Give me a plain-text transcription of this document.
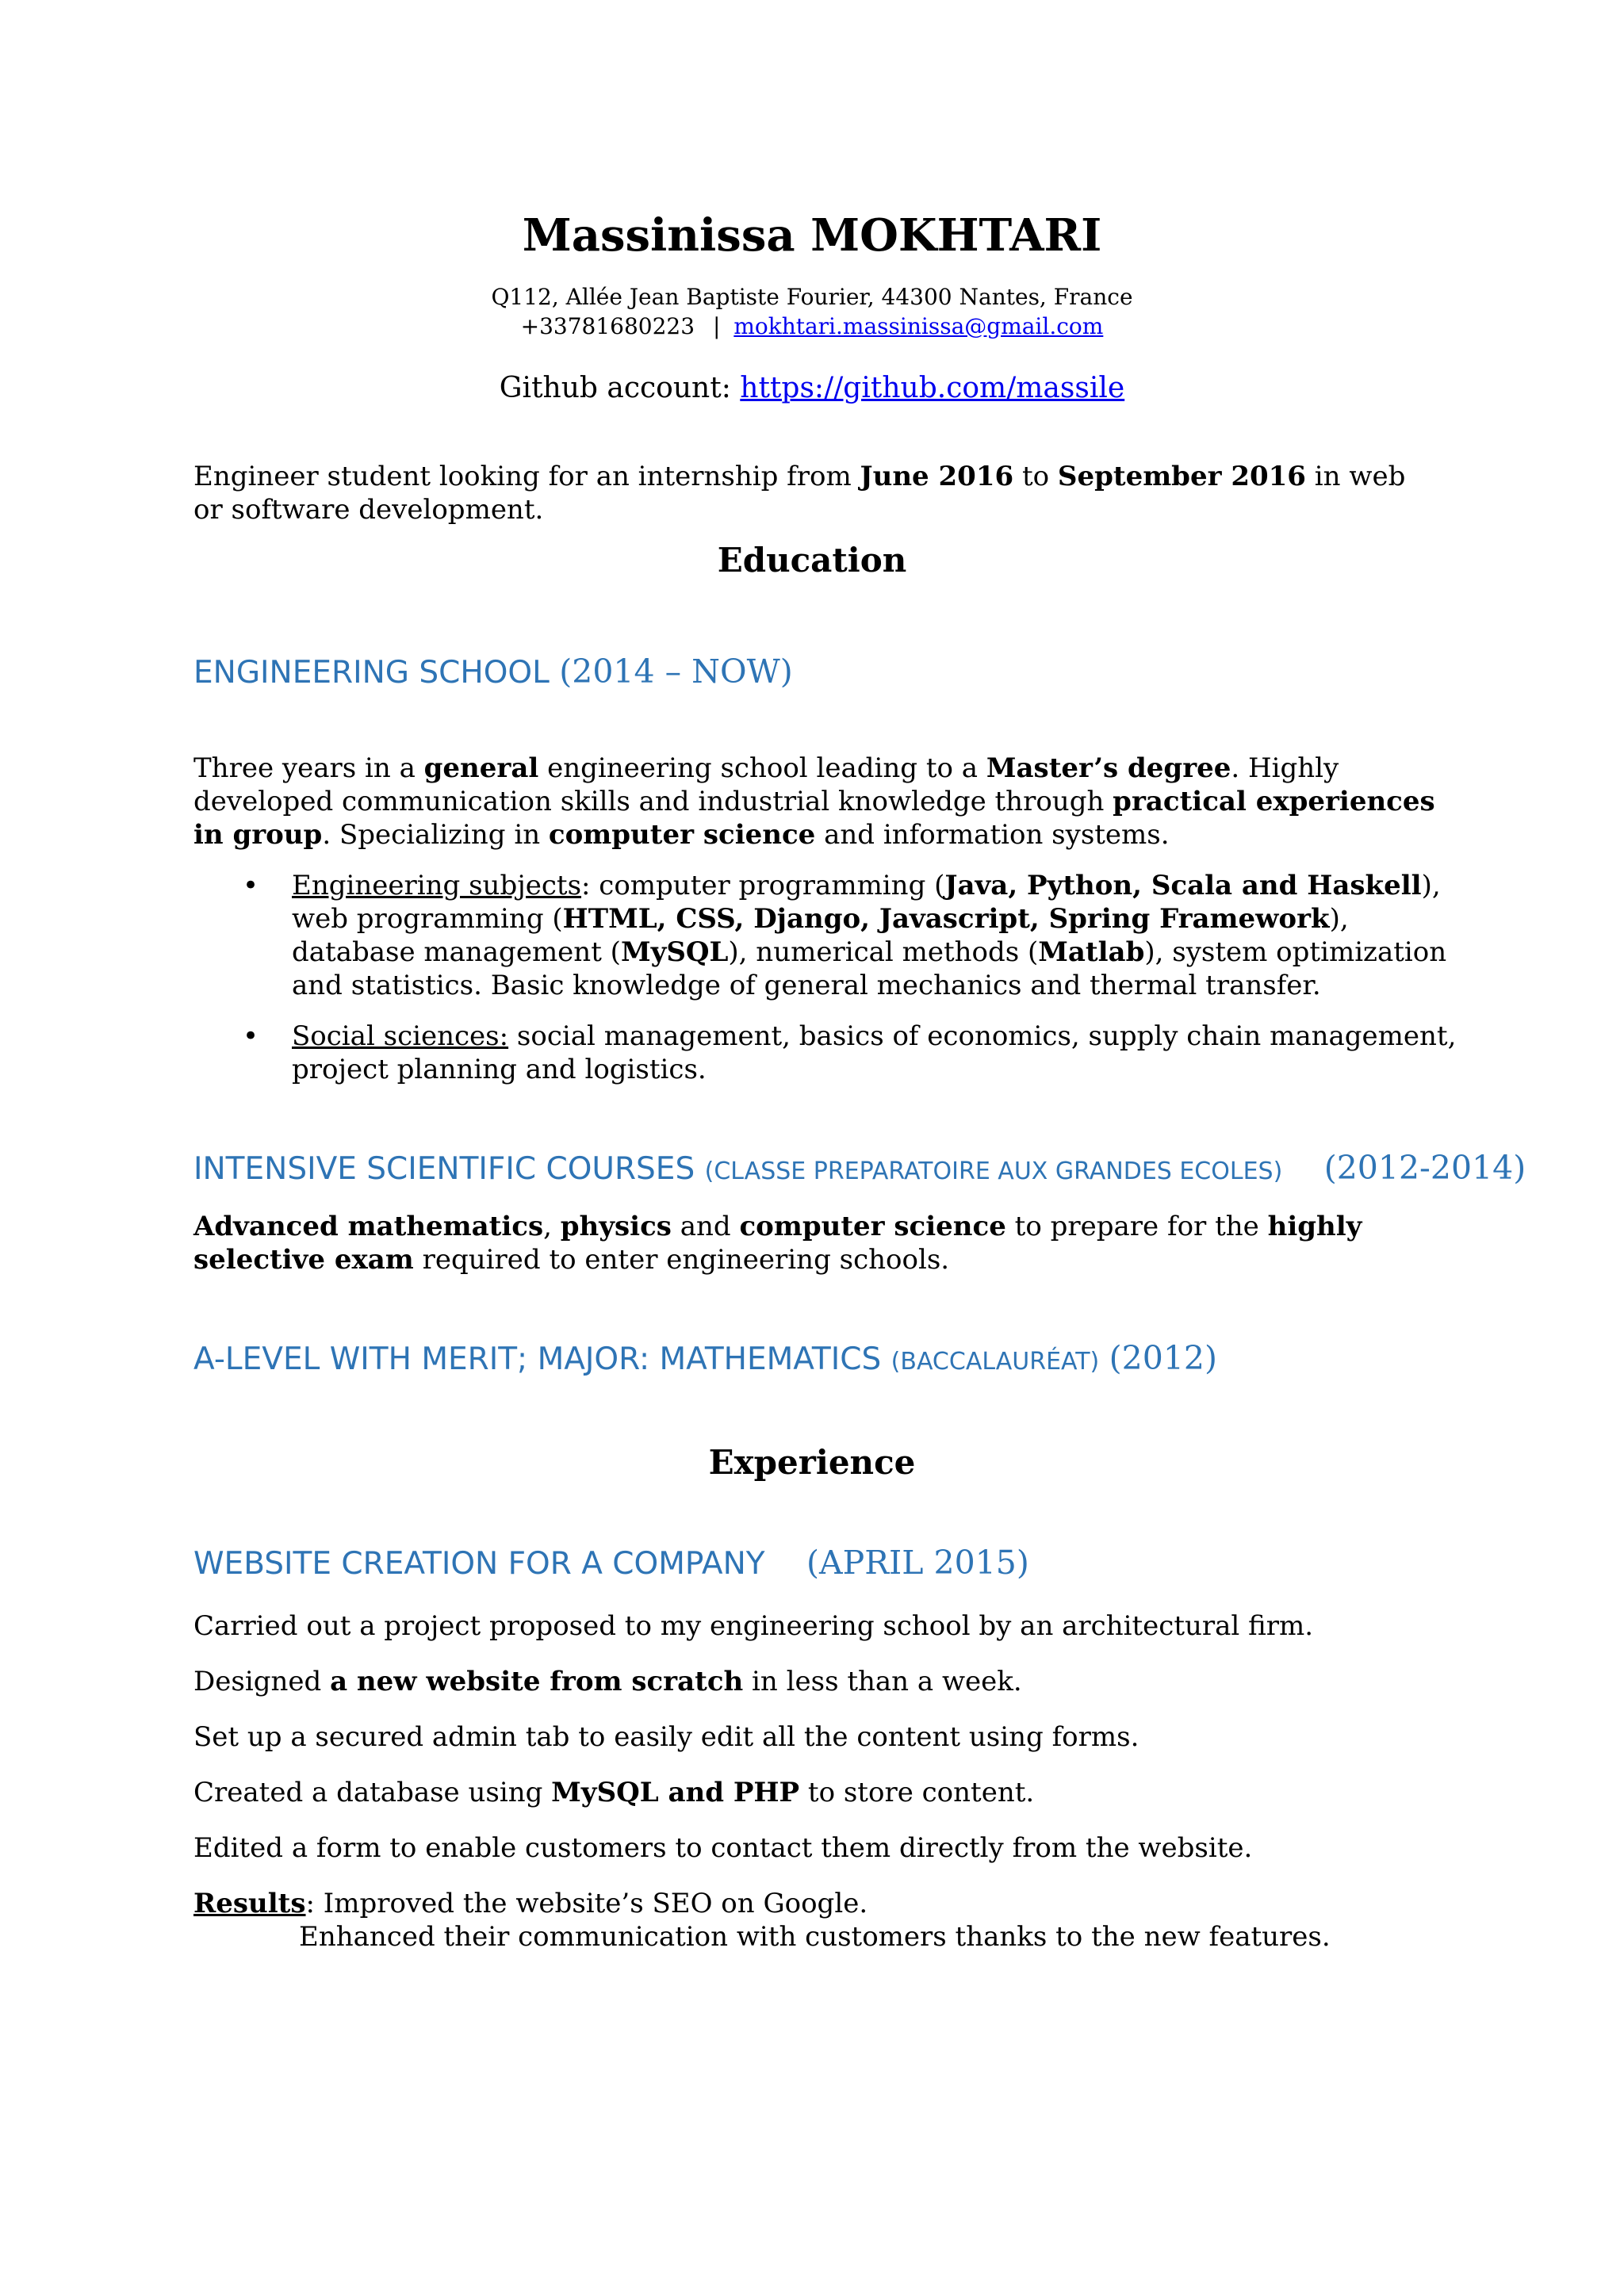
Massinissa MOKHTARI
Q112, Allée Jean Baptiste Fourier, 44300 Nantes, France
+33781680223 | mokhtari.massinissa@gmail.com
Github account: https://github.com/massile
Engineer student looking for an internship from June 2016 to September 2016 in web or software development.
Education
ENGINEERING SCHOOL (2014 – NOW)
Three years in a general engineering school leading to a Master’s degree. Highly developed communication skills and industrial knowledge through practical experiences in group. Specializing in computer science and information systems.
• Engineering subjects: computer programming (Java, Python, Scala and Haskell), web programming (HTML, CSS, Django, Javascript, Spring Framework), database management (MySQL), numerical methods (Matlab), system optimization and statistics. Basic knowledge of general mechanics and thermal transfer.
• Social sciences: social management, basics of economics, supply chain management, project planning and logistics.
INTENSIVE SCIENTIFIC COURSES (CLASSE PREPARATOIRE AUX GRANDES ECOLES) (2012-2014)
Advanced mathematics, physics and computer science to prepare for the highly selective exam required to enter engineering schools.
A-LEVEL WITH MERIT; MAJOR: MATHEMATICS (BACCALAURÉAT) (2012)
Experience
WEBSITE CREATION FOR A COMPANY (APRIL 2015)
Carried out a project proposed to my engineering school by an architectural firm.
Designed a new website from scratch in less than a week.
Set up a secured admin tab to easily edit all the content using forms.
Created a database using MySQL and PHP to store content.
Edited a form to enable customers to contact them directly from the website.
Results: Improved the website’s SEO on Google.
Enhanced their communication with customers thanks to the new features.
